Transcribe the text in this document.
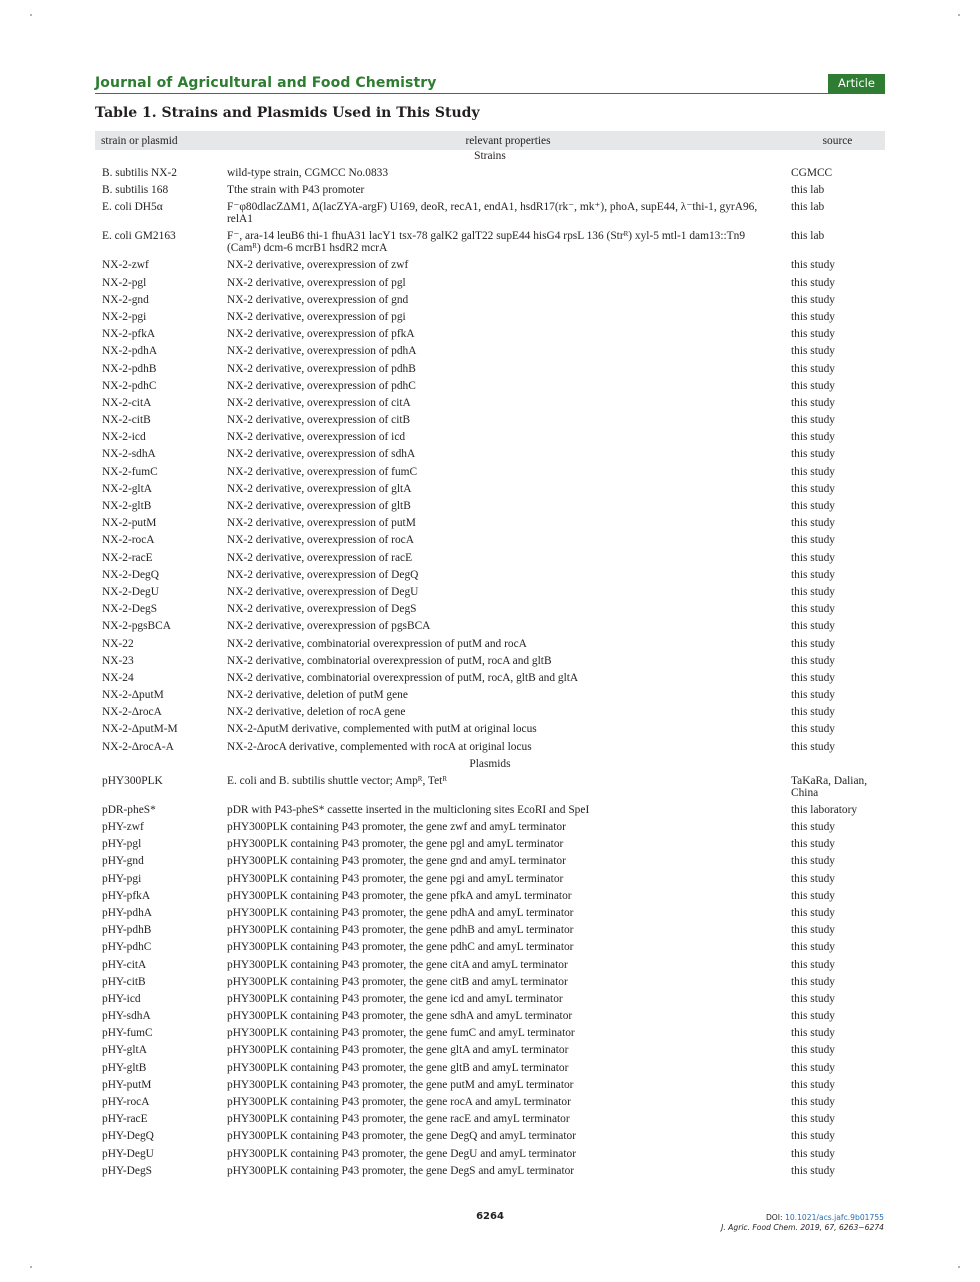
Journal of Agricultural and Food Chemistry	Article
Table 1. Strains and Plasmids Used in This Study
strain or plasmid	relevant properties	source
Strains		
B. subtilis NX-2	wild-type strain, CGMCC No.0833	CGMCC
B. subtilis 168	Tthe strain with P43 promoter	this lab
E. coli DH5α	F⁻φ80dlacZΔM1, Δ(lacZYA-argF) U169, deoR, recA1, endA1, hsdR17(rk⁻, mk⁺), phoA, supE44, λ⁻thi-1, gyrA96, relA1	this lab
E. coli GM2163	F⁻, ara-14 leuB6 thi-1 fhuA31 lacY1 tsx-78 galK2 galT22 supE44 hisG4 rpsL 136 (Strᴿ) xyl-5 mtl-1 dam13::Tn9 (Camᴿ) dcm-6 mcrB1 hsdR2 mcrA	this lab
NX-2-zwf	NX-2 derivative, overexpression of zwf	this study
NX-2-pgl	NX-2 derivative, overexpression of pgl	this study
NX-2-gnd	NX-2 derivative, overexpression of gnd	this study
NX-2-pgi	NX-2 derivative, overexpression of pgi	this study
NX-2-pfkA	NX-2 derivative, overexpression of pfkA	this study
NX-2-pdhA	NX-2 derivative, overexpression of pdhA	this study
NX-2-pdhB	NX-2 derivative, overexpression of pdhB	this study
NX-2-pdhC	NX-2 derivative, overexpression of pdhC	this study
NX-2-citA	NX-2 derivative, overexpression of citA	this study
NX-2-citB	NX-2 derivative, overexpression of citB	this study
NX-2-icd	NX-2 derivative, overexpression of icd	this study
NX-2-sdhA	NX-2 derivative, overexpression of sdhA	this study
NX-2-fumC	NX-2 derivative, overexpression of fumC	this study
NX-2-gltA	NX-2 derivative, overexpression of gltA	this study
NX-2-gltB	NX-2 derivative, overexpression of gltB	this study
NX-2-putM	NX-2 derivative, overexpression of putM	this study
NX-2-rocA	NX-2 derivative, overexpression of rocA	this study
NX-2-racE	NX-2 derivative, overexpression of racE	this study
NX-2-DegQ	NX-2 derivative, overexpression of DegQ	this study
NX-2-DegU	NX-2 derivative, overexpression of DegU	this study
NX-2-DegS	NX-2 derivative, overexpression of DegS	this study
NX-2-pgsBCA	NX-2 derivative, overexpression of pgsBCA	this study
NX-22	NX-2 derivative, combinatorial overexpression of putM and rocA	this study
NX-23	NX-2 derivative, combinatorial overexpression of putM, rocA and gltB	this study
NX-24	NX-2 derivative, combinatorial overexpression of putM, rocA, gltB and gltA	this study
NX-2-ΔputM	NX-2 derivative, deletion of putM gene	this study
NX-2-ΔrocA	NX-2 derivative, deletion of rocA gene	this study
NX-2-ΔputM-M	NX-2-ΔputM derivative, complemented with putM at original locus	this study
NX-2-ΔrocA-A	NX-2-ΔrocA derivative, complemented with rocA at original locus	this study
Plasmids		
pHY300PLK	E. coli and B. subtilis shuttle vector; Ampᴿ, Tetᴿ	TaKaRa, Dalian, China
pDR-pheS*	pDR with P43-pheS* cassette inserted in the multicloning sites EcoRI and SpeI	this laboratory
pHY-zwf	pHY300PLK containing P43 promoter, the gene zwf and amyL terminator	this study
pHY-pgl	pHY300PLK containing P43 promoter, the gene pgl and amyL terminator	this study
pHY-gnd	pHY300PLK containing P43 promoter, the gene gnd and amyL terminator	this study
pHY-pgi	pHY300PLK containing P43 promoter, the gene pgi and amyL terminator	this study
pHY-pfkA	pHY300PLK containing P43 promoter, the gene pfkA and amyL terminator	this study
pHY-pdhA	pHY300PLK containing P43 promoter, the gene pdhA and amyL terminator	this study
pHY-pdhB	pHY300PLK containing P43 promoter, the gene pdhB and amyL terminator	this study
pHY-pdhC	pHY300PLK containing P43 promoter, the gene pdhC and amyL terminator	this study
pHY-citA	pHY300PLK containing P43 promoter, the gene citA and amyL terminator	this study
pHY-citB	pHY300PLK containing P43 promoter, the gene citB and amyL terminator	this study
pHY-icd	pHY300PLK containing P43 promoter, the gene icd and amyL terminator	this study
pHY-sdhA	pHY300PLK containing P43 promoter, the gene sdhA and amyL terminator	this study
pHY-fumC	pHY300PLK containing P43 promoter, the gene fumC and amyL terminator	this study
pHY-gltA	pHY300PLK containing P43 promoter, the gene gltA and amyL terminator	this study
pHY-gltB	pHY300PLK containing P43 promoter, the gene gltB and amyL terminator	this study
pHY-putM	pHY300PLK containing P43 promoter, the gene putM and amyL terminator	this study
pHY-rocA	pHY300PLK containing P43 promoter, the gene rocA and amyL terminator	this study
pHY-racE	pHY300PLK containing P43 promoter, the gene racE and amyL terminator	this study
pHY-DegQ	pHY300PLK containing P43 promoter, the gene DegQ and amyL terminator	this study
pHY-DegU	pHY300PLK containing P43 promoter, the gene DegU and amyL terminator	this study
pHY-DegS	pHY300PLK containing P43 promoter, the gene DegS and amyL terminator	this study
6264	DOI: 10.1021/acs.jafc.9b01755
J. Agric. Food Chem. 2019, 67, 6263−6274
